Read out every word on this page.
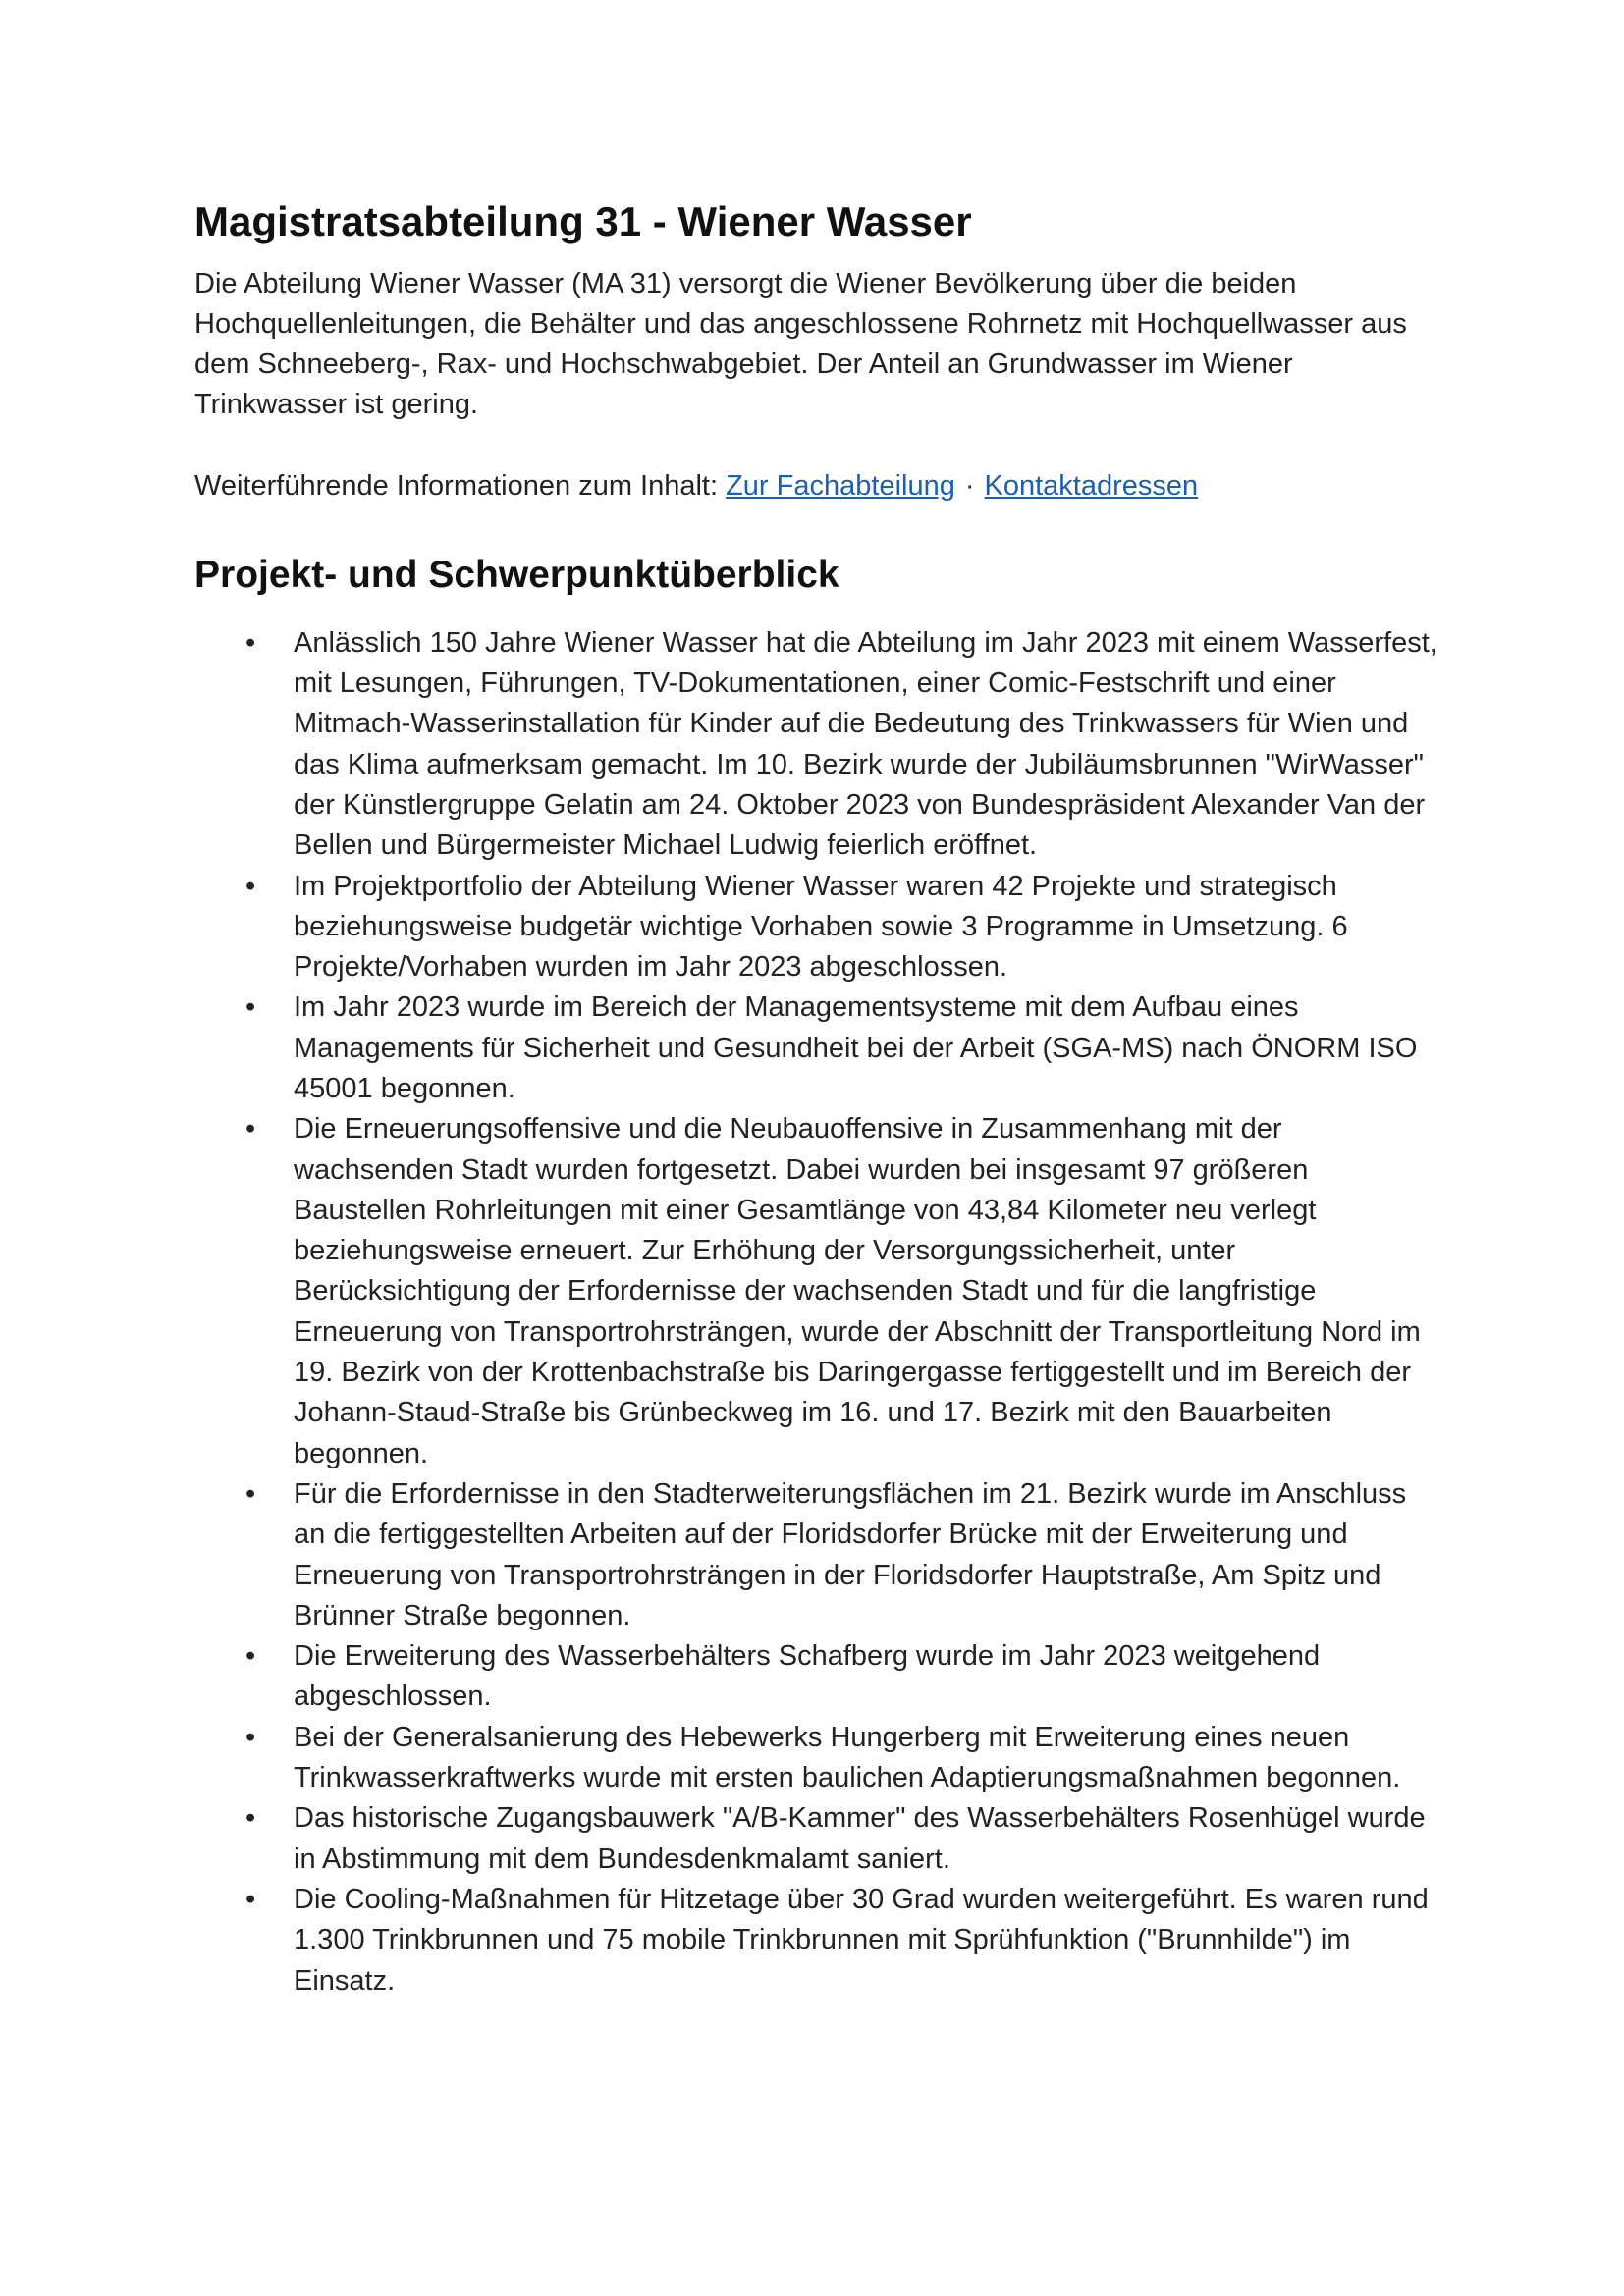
Magistratsabteilung 31 - Wiener Wasser

Die Abteilung Wiener Wasser (MA 31) versorgt die Wiener Bevölkerung über die beiden Hochquellenleitungen, die Behälter und das angeschlossene Rohrnetz mit Hochquellwasser aus dem Schneeberg-, Rax- und Hochschwabgebiet. Der Anteil an Grundwasser im Wiener Trinkwasser ist gering.

Weiterführende Informationen zum Inhalt: Zur Fachabteilung · Kontaktadressen

Projekt- und Schwerpunktüberblick
• Anlässlich 150 Jahre Wiener Wasser hat die Abteilung im Jahr 2023 mit einem Wasserfest, mit Lesungen, Führungen, TV-Dokumentationen, einer Comic-Festschrift und einer Mitmach-Wasserinstallation für Kinder auf die Bedeutung des Trinkwassers für Wien und das Klima aufmerksam gemacht. Im 10. Bezirk wurde der Jubiläumsbrunnen "WirWasser" der Künstlergruppe Gelatin am 24. Oktober 2023 von Bundespräsident Alexander Van der Bellen und Bürgermeister Michael Ludwig feierlich eröffnet.
• Im Projektportfolio der Abteilung Wiener Wasser waren 42 Projekte und strategisch beziehungsweise budgetär wichtige Vorhaben sowie 3 Programme in Umsetzung. 6 Projekte/Vorhaben wurden im Jahr 2023 abgeschlossen.
• Im Jahr 2023 wurde im Bereich der Managementsysteme mit dem Aufbau eines Managements für Sicherheit und Gesundheit bei der Arbeit (SGA-MS) nach ÖNORM ISO 45001 begonnen.
• Die Erneuerungsoffensive und die Neubauoffensive in Zusammenhang mit der wachsenden Stadt wurden fortgesetzt. Dabei wurden bei insgesamt 97 größeren Baustellen Rohrleitungen mit einer Gesamtlänge von 43,84 Kilometer neu verlegt beziehungsweise erneuert. Zur Erhöhung der Versorgungssicherheit, unter Berücksichtigung der Erfordernisse der wachsenden Stadt und für die langfristige Erneuerung von Transportrohrsträngen, wurde der Abschnitt der Transportleitung Nord im 19. Bezirk von der Krottenbachstraße bis Daringergasse fertiggestellt und im Bereich der Johann-Staud-Straße bis Grünbeckweg im 16. und 17. Bezirk mit den Bauarbeiten begonnen.
• Für die Erfordernisse in den Stadterweiterungsflächen im 21. Bezirk wurde im Anschluss an die fertiggestellten Arbeiten auf der Floridsdorfer Brücke mit der Erweiterung und Erneuerung von Transportrohrsträngen in der Floridsdorfer Hauptstraße, Am Spitz und Brünner Straße begonnen.
• Die Erweiterung des Wasserbehälters Schafberg wurde im Jahr 2023 weitgehend abgeschlossen.
• Bei der Generalsanierung des Hebewerks Hungerberg mit Erweiterung eines neuen Trinkwasserkraftwerks wurde mit ersten baulichen Adaptierungsmaßnahmen begonnen.
• Das historische Zugangsbauwerk "A/B-Kammer" des Wasserbehälters Rosenhügel wurde in Abstimmung mit dem Bundesdenkmalamt saniert.
• Die Cooling-Maßnahmen für Hitzetage über 30 Grad wurden weitergeführt. Es waren rund 1.300 Trinkbrunnen und 75 mobile Trinkbrunnen mit Sprühfunktion ("Brunnhilde") im Einsatz.
